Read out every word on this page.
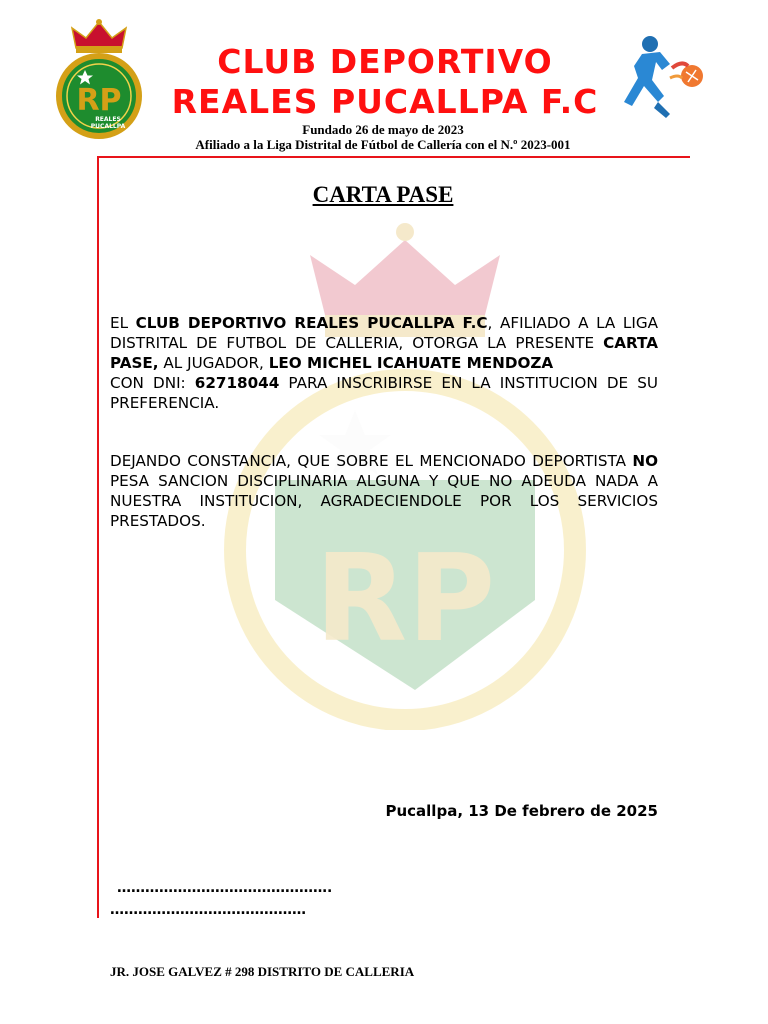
RP
RP
REALES
PUCALLPA
CLUB DEPORTIVO
REALES PUCALLPA F.C
Fundado 26 de mayo de 2023
Afiliado a la Liga Distrital de Fútbol de Callería con el N.º 2023-001
CARTA PASE
EL CLUB DEPORTIVO REALES PUCALLPA F.C, AFILIADO A LA LIGA DISTRITAL DE FUTBOL DE CALLERIA, OTORGA LA PRESENTE CARTA PASE, AL JUGADOR, LEO MICHEL ICAHUATE MENDOZA
CON DNI: 62718044 PARA INSCRIBIRSE EN LA INSTITUCION DE SU PREFERENCIA.
DEJANDO CONSTANCIA, QUE SOBRE EL MENCIONADO DEPORTISTA NO PESA SANCION DISCIPLINARIA ALGUNA Y QUE NO ADEUDA NADA A NUESTRA INSTITUCION, AGRADECIENDOLE POR LOS SERVICIOS PRESTADOS.
Pucallpa, 13 De febrero de 2025
……………………………………….
……………………………………
JR. JOSE GALVEZ # 298 DISTRITO DE CALLERIA
